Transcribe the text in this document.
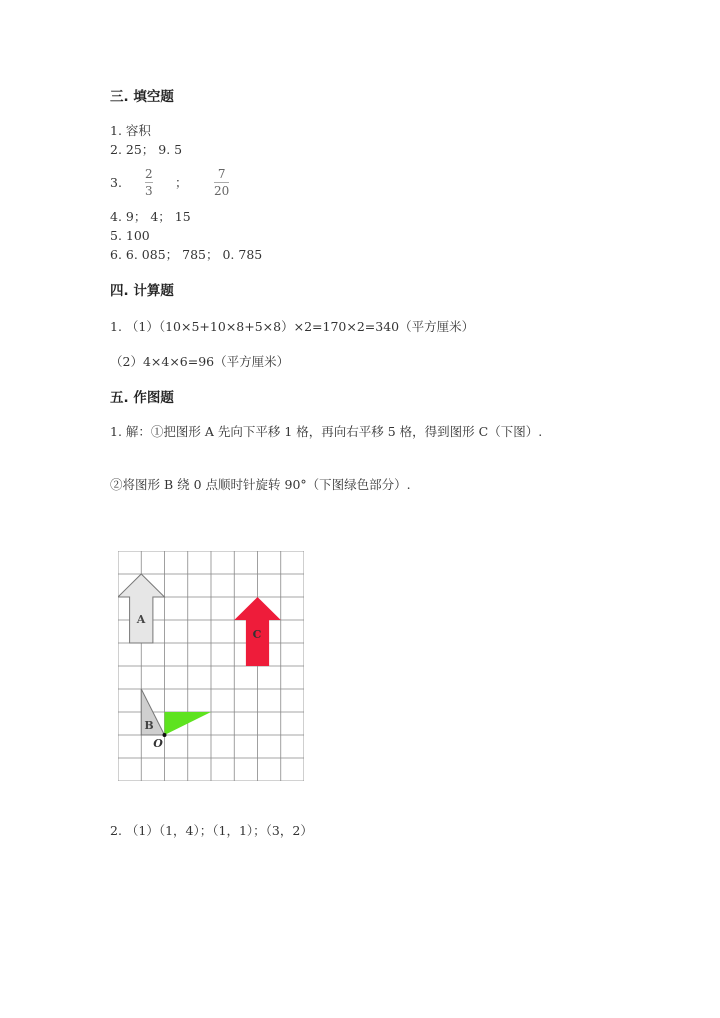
三. 填空题
1. 容积
2. 25； 9. 5
3.
2
3
；
7
20
4. 9； 4； 15
5. 100
6. 6. 085； 785； 0. 785
四. 计算题
1. （1）（10×5+10×8+5×8）×2=170×2=340（平方厘米）
（2）4×4×6=96（平方厘米）
五. 作图题
1. 解：①把图形 A 先向下平移 1 格，再向右平移 5 格，得到图形 C（下图）.
②将图形 B 绕 0 点顺时针旋转 90°（下图绿色部分）.
A
C
B
O
2. （1）（1，4）；（1，1）；（3，2）
